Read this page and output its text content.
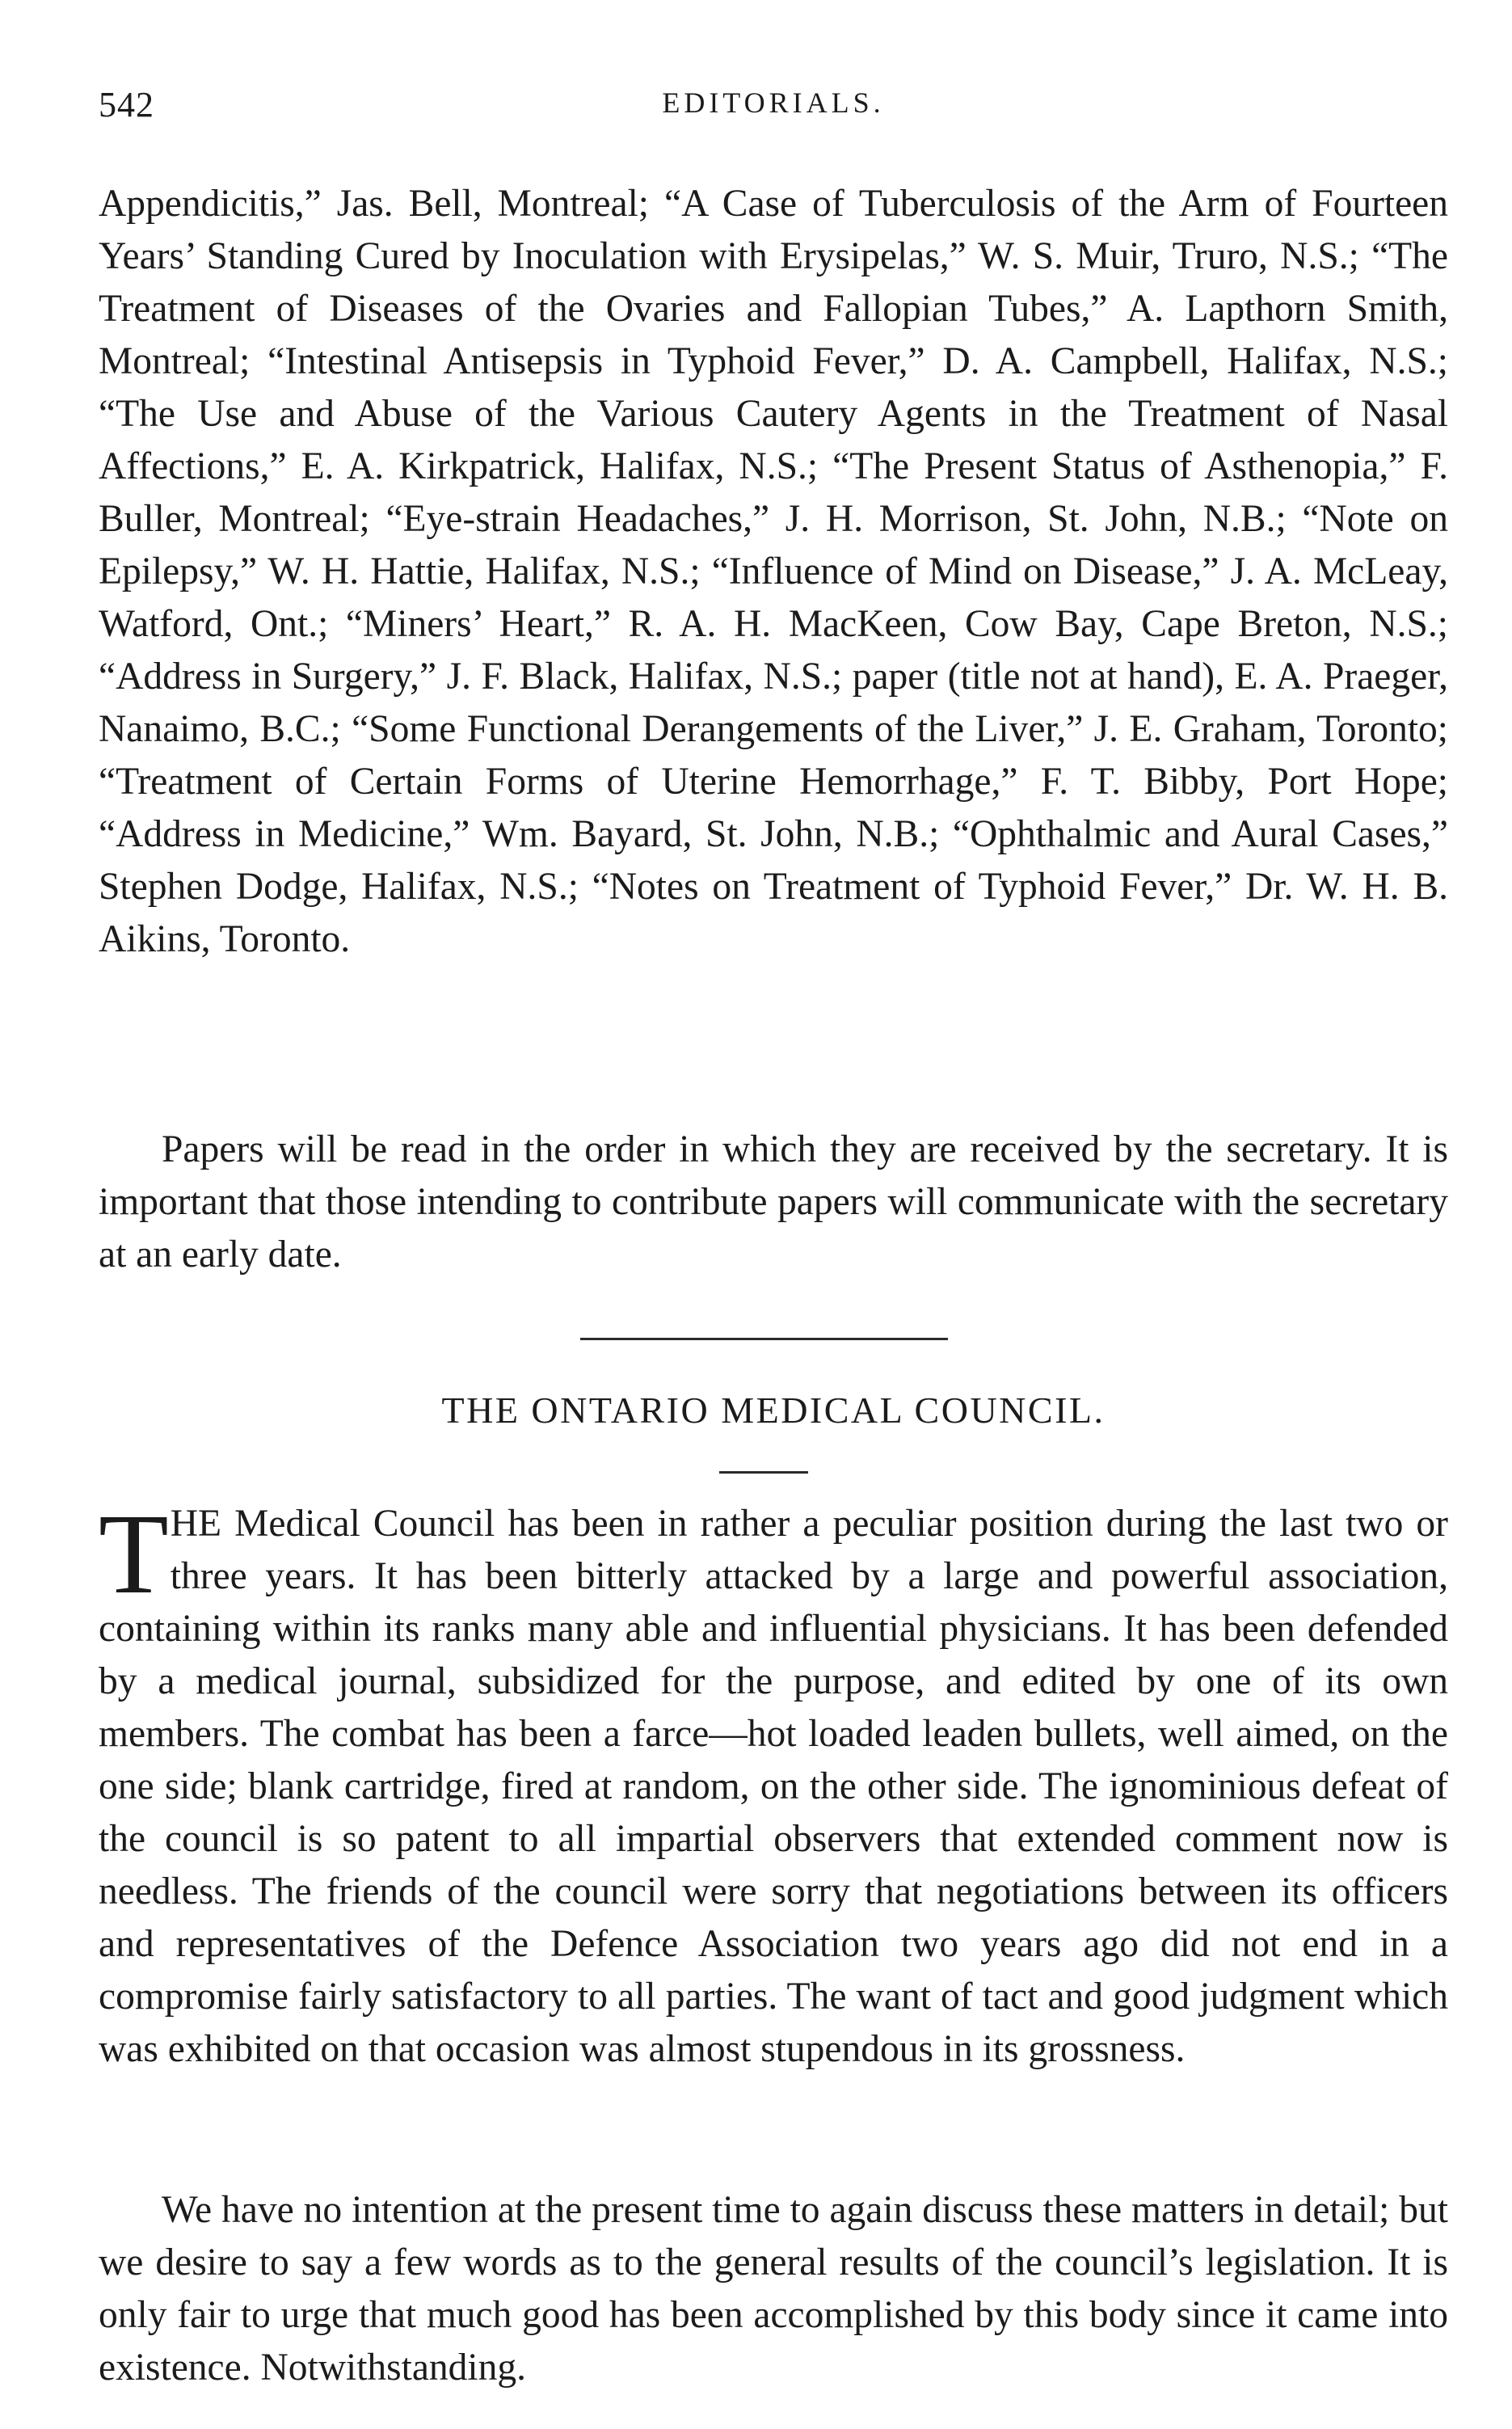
542	EDITORIALS.

Appendicitis,” Jas. Bell, Montreal; “A Case of Tuberculosis of the Arm of Fourteen Years’ Standing Cured by Inoculation with Erysipelas,” W. S. Muir, Truro, N.S.; “The Treatment of Diseases of the Ovaries and Fallopian Tubes,” A. Lapthorn Smith, Montreal; “Intestinal Antisepsis in Typhoid Fever,” D. A. Campbell, Halifax, N.S.; “The Use and Abuse of the Various Cautery Agents in the Treatment of Nasal Affections,” E. A. Kirkpatrick, Halifax, N.S.; “The Present Status of Asthenopia,” F. Buller, Montreal; “Eye-strain Headaches,” J. H. Morrison, St. John, N.B.; “Note on Epilepsy,” W. H. Hattie, Halifax, N.S.; “Influence of Mind on Disease,” J. A. McLeay, Watford, Ont.; “Miners’ Heart,” R. A. H. MacKeen, Cow Bay, Cape Breton, N.S.; “Address in Surgery,” J. F. Black, Halifax, N.S.; paper (title not at hand), E. A. Praeger, Nanaimo, B.C.; “Some Functional Derangements of the Liver,” J. E. Graham, Toronto; “Treatment of Certain Forms of Uterine Hemorrhage,” F. T. Bibby, Port Hope; “Address in Medicine,” Wm. Bayard, St. John, N.B.; “Ophthalmic and Aural Cases,” Stephen Dodge, Halifax, N.S.; “Notes on Treatment of Typhoid Fever,” Dr. W. H. B. Aikins, Toronto.

Papers will be read in the order in which they are received by the secretary. It is important that those intending to contribute papers will communicate with the secretary at an early date.

THE ONTARIO MEDICAL COUNCIL.

THE Medical Council has been in rather a peculiar position during the last two or three years. It has been bitterly attacked by a large and powerful association, containing within its ranks many able and influential physicians. It has been defended by a medical journal, subsidized for the purpose, and edited by one of its own members. The combat has been a farce—hot loaded leaden bullets, well aimed, on the one side; blank cartridge, fired at random, on the other side. The ignominious defeat of the council is so patent to all impartial observers that extended comment now is needless. The friends of the council were sorry that negotiations between its officers and representatives of the Defence Association two years ago did not end in a compromise fairly satisfactory to all parties. The want of tact and good judgment which was exhibited on that occasion was almost stupendous in its grossness.

We have no intention at the present time to again discuss these matters in detail; but we desire to say a few words as to the general results of the council’s legislation. It is only fair to urge that much good has been accomplished by this body since it came into existence. Notwithstanding.
